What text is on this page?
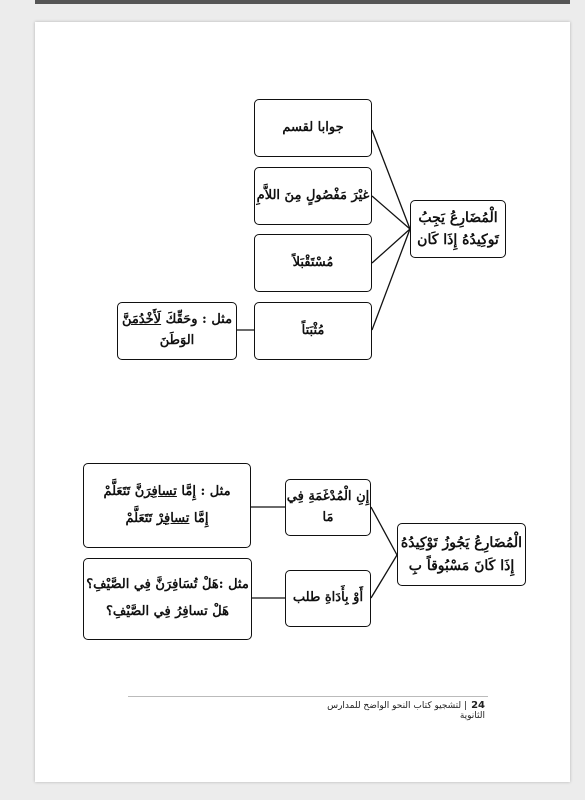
الْمُضَارِعُ يَجِبُ
تَوكِيدُهُ إِذَا كَان
جوابا لقسم
غيْرَ مَفْصُولٍ مِنَ اللاَّمِ
مُسْتَقْبَلاً
مُثْبَتاً
مثل : وحَقِّكَ لَأَخْدُمَنَّ
الوَطَنَ
الْمُضَارِعُ يَجُوزُ تَوْكِيدُهُ
إِذَا كَانَ مَسْبُوقاً بِ
إِنِ الْمُدْغَمَةِ فِي مَا
أَوْ بِأَدَاةِ طلب
مثل : إِمَّا تسافِرَنَّ تَتَعَلَّمْ
إِمَّا تسافِرْ تَتَعَلَّمْ
مثل :هَلْ تُسَافِرَنَّ فِي الصَّيْفِ؟
هَلْ تسافِرُ فِي الصَّيْفِ؟
24| لتشجيو كتاب النحو الواضح للمدارس الثانوية
